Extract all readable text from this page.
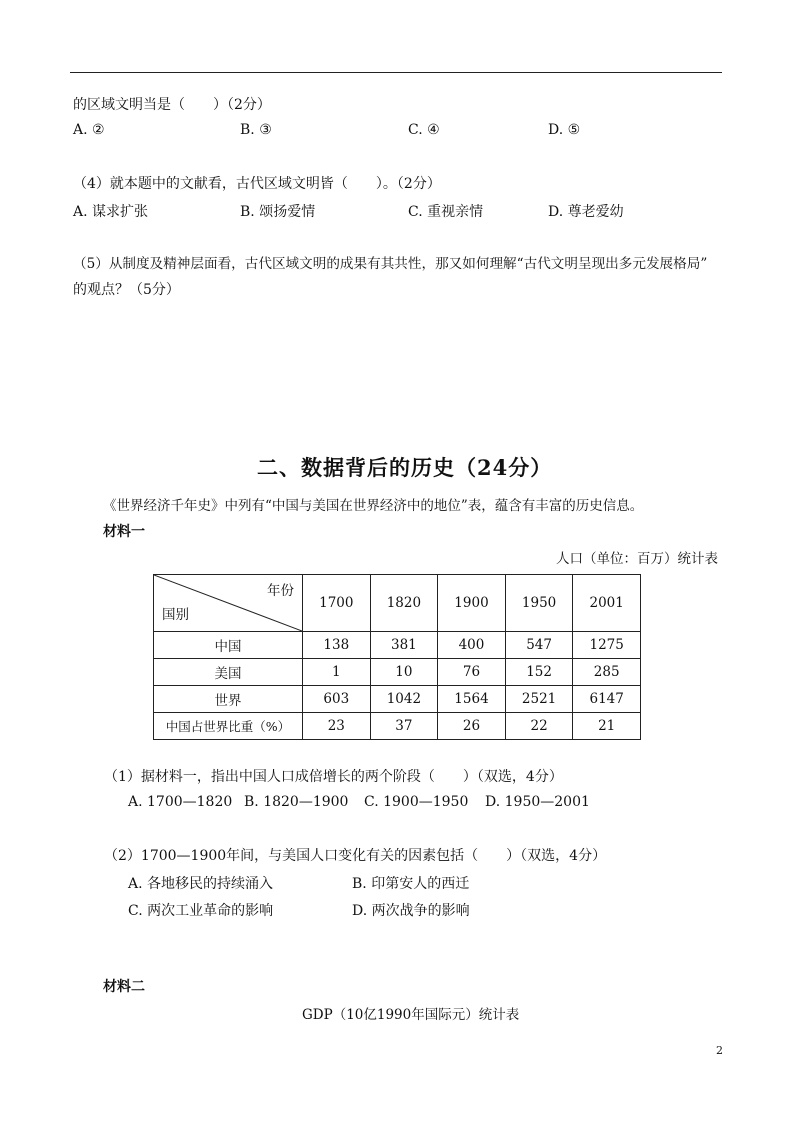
的区域文明当是（　　）（2分）
A. ②	B. ③	C. ④	D. ⑤
（4）就本题中的文献看，古代区域文明皆（　　）。（2分）
A. 谋求扩张	B. 颂扬爱情	C. 重视亲情	D. 尊老爱幼
（5）从制度及精神层面看，古代区域文明的成果有其共性，那又如何理解“古代文明呈现出多元发展格局”
的观点？（5分）
二、数据背后的历史（24分）
《世界经济千年史》中列有“中国与美国在世界经济中的地位”表，蕴含有丰富的历史信息。
材料一
人口（单位：百万）统计表
年份
国别	1700	1820	1900	1950	2001
中国	138	381	400	547	1275
美国	1	10	76	152	285
世界	603	1042	1564	2521	6147
中国占世界比重（%）	23	37	26	22	21
（1）据材料一，指出中国人口成倍增长的两个阶段（　　）（双选，4分）
A. 1700—1820 B. 1820—1900 C. 1900—1950 D. 1950—2001
（2）1700—1900年间，与美国人口变化有关的因素包括（　　）（双选，4分）
A. 各地移民的持续涌入	B. 印第安人的西迁
C. 两次工业革命的影响	D. 两次战争的影响
材料二
GDP（10亿1990年国际元）统计表
2
